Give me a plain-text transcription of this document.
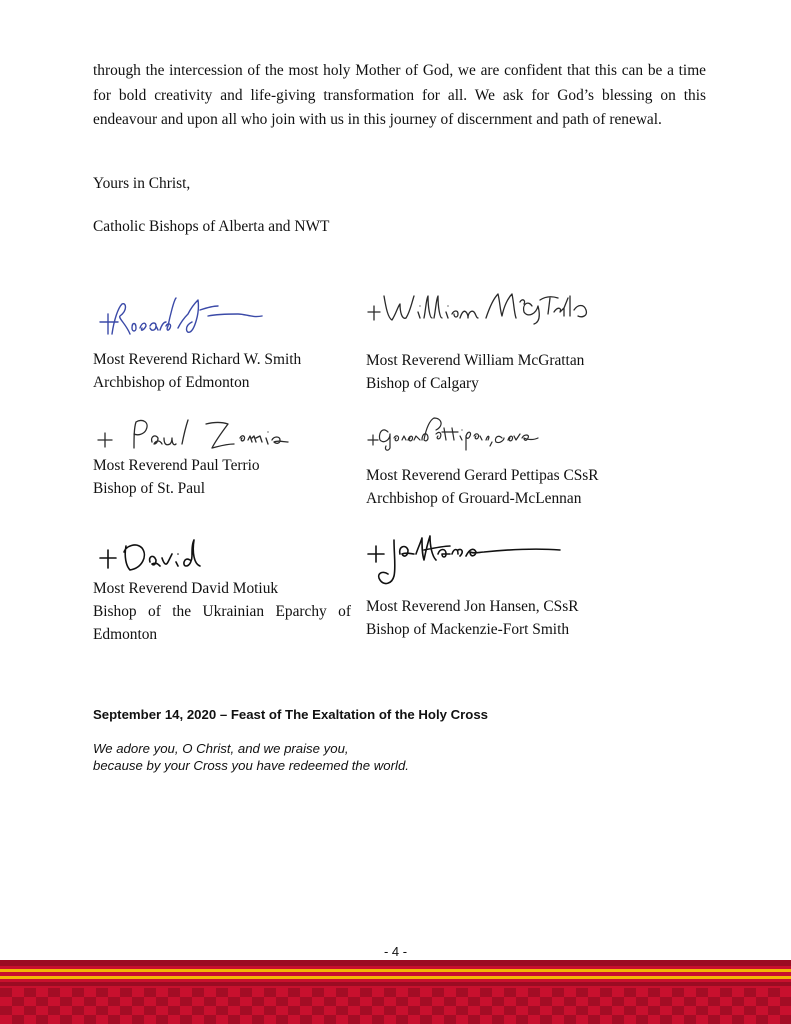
through the intercession of the most holy Mother of God, we are confident that this can be a time for bold creativity and life-giving transformation for all. We ask for God’s blessing on this endeavour and upon all who join with us in this journey of discernment and path of renewal.

Yours in Christ,

Catholic Bishops of Alberta and NWT

Most Reverend Richard W. Smith
Archbishop of Edmonton
Most Reverend William McGrattan
Bishop of Calgary
Most Reverend Paul Terrio
Bishop of St. Paul
Most Reverend Gerard Pettipas CSsR
Archbishop of Grouard-McLennan
Most Reverend David Motiuk
Bishop of the Ukrainian Eparchy of
Edmonton
Most Reverend Jon Hansen, CSsR
Bishop of Mackenzie-Fort Smith

September 14, 2020 – Feast of The Exaltation of the Holy Cross

We adore you, O Christ, and we praise you,
because by your Cross you have redeemed the world.

- 4 -
